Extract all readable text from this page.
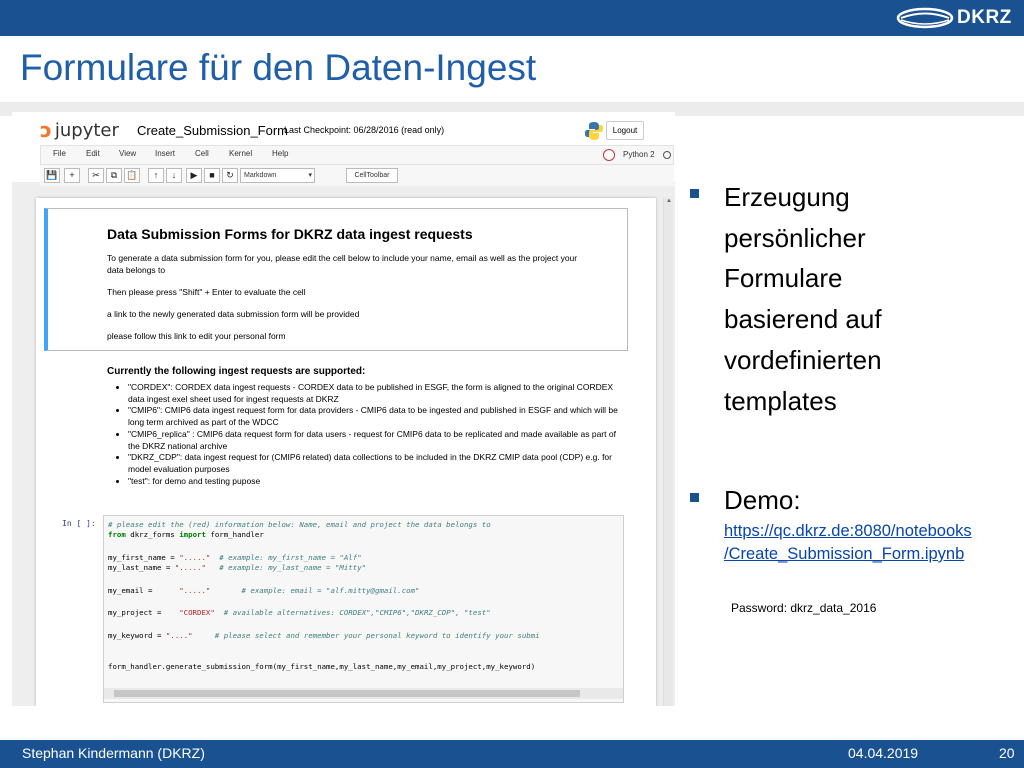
DKRZ
Formulare für den Daten-Ingest
ↄ jupyter Create_Submission_Form
Last Checkpoint: 06/28/2016 (read only)	Logout
File	Edit View Insert Cell	Kernel Help	Python 2
💾	+	✂	⧉	📋	↑	↓	▶	■	↻	Markdown	▾	CellToolbar
Data Submission Forms for DKRZ data ingest requests
To generate a data submission form for you, please edit the cell below to include your name, email as well as the project your
data belongs to
Then please press "Shift" + Enter to evaluate the cell
a link to the newly generated data submission form will be provided
please follow this link to edit your personal form
Currently the following ingest requests are supported:
• "CORDEX": CORDEX data ingest requests - CORDEX data to be published in ESGF, the form is aligned to the original CORDEX data ingest exel sheet used for ingest requests at DKRZ
• "CMIP6": CMIP6 data ingest request form for data providers - CMIP6 data to be ingested and published in ESGF and which will be long term archived as part of the WDCC
• "CMIP6_replica" : CMIP6 data request form for data users - request for CMIP6 data to be replicated and made available as part of the DKRZ national archive
• "DKRZ_CDP": data ingest request for (CMIP6 related) data collections to be included in the DKRZ CMIP data pool (CDP) e.g. for model evaluation purposes
• "test": for demo and testing pupose
In [ ]: # please edit the (red) information below: Name, email and project the data belongs to
from dkrz_forms import form_handler
my_first_name = "....."  # example: my_first_name = "Alf"
my_last_name = "....."   # example: my_last_name = "Mitty"
my_email =      "....."       # example: email = "alf.mitty@gmail.com"
my_project =    "CORDEX"  # available alternatives: CORDEX","CMIP6","DKRZ_CDP", "test"
my_keyword = "...."     # please select and remember your personal keyword to identify your submi
form_handler.generate_submission_form(my_first_name,my_last_name,my_email,my_project,my_keyword)
▲ Erzeugung
persönlicher
Formulare
basierend auf
vordefinierten
templates
Demo:
https://qc.dkrz.de:8080/notebooks
/Create_Submission_Form.ipynb
Password: dkrz_data_2016
Stephan Kindermann (DKRZ)	04.04.2019	20
